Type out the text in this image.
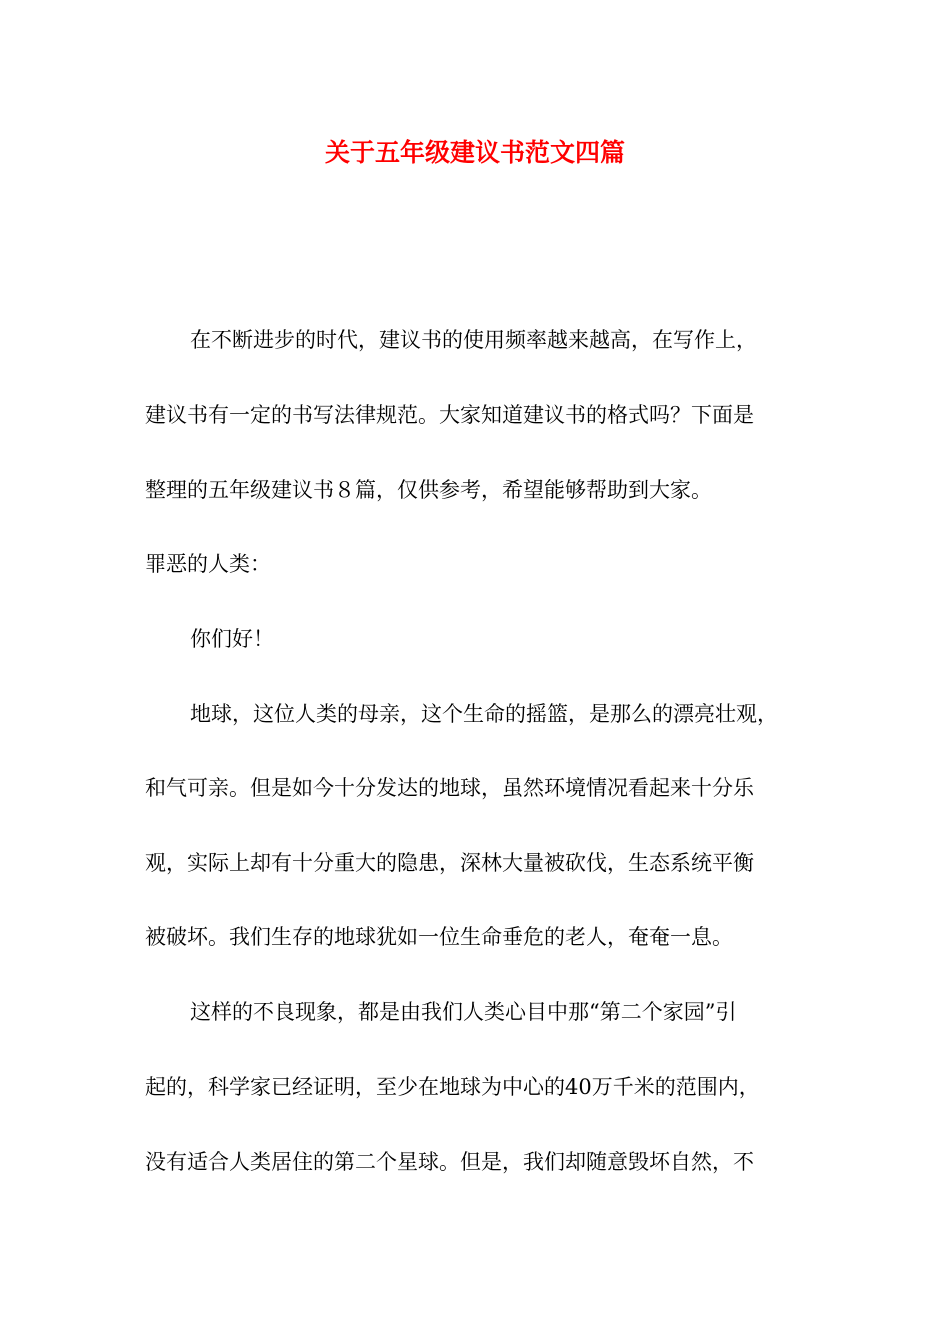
关于五年级建议书范文四篇
在不断进步的时代，建议书的使用频率越来越高，在写作上，
建议书有一定的书写法律规范。大家知道建议书的格式吗？下面是
整理的五年级建议书８篇，仅供参考，希望能够帮助到大家。
罪恶的人类：
你们好！
地球，这位人类的母亲，这个生命的摇篮，是那么的漂亮壮观，
和气可亲。但是如今十分发达的地球，虽然环境情况看起来十分乐
观，实际上却有十分重大的隐患，深林大量被砍伐，生态系统平衡
被破坏。我们生存的地球犹如一位生命垂危的老人，奄奄一息。
这样的不良现象，都是由我们人类心目中那“第二个家园”引
起的，科学家已经证明，至少在地球为中心的40万千米的范围内，
没有适合人类居住的第二个星球。但是，我们却随意毁坏自然，不
